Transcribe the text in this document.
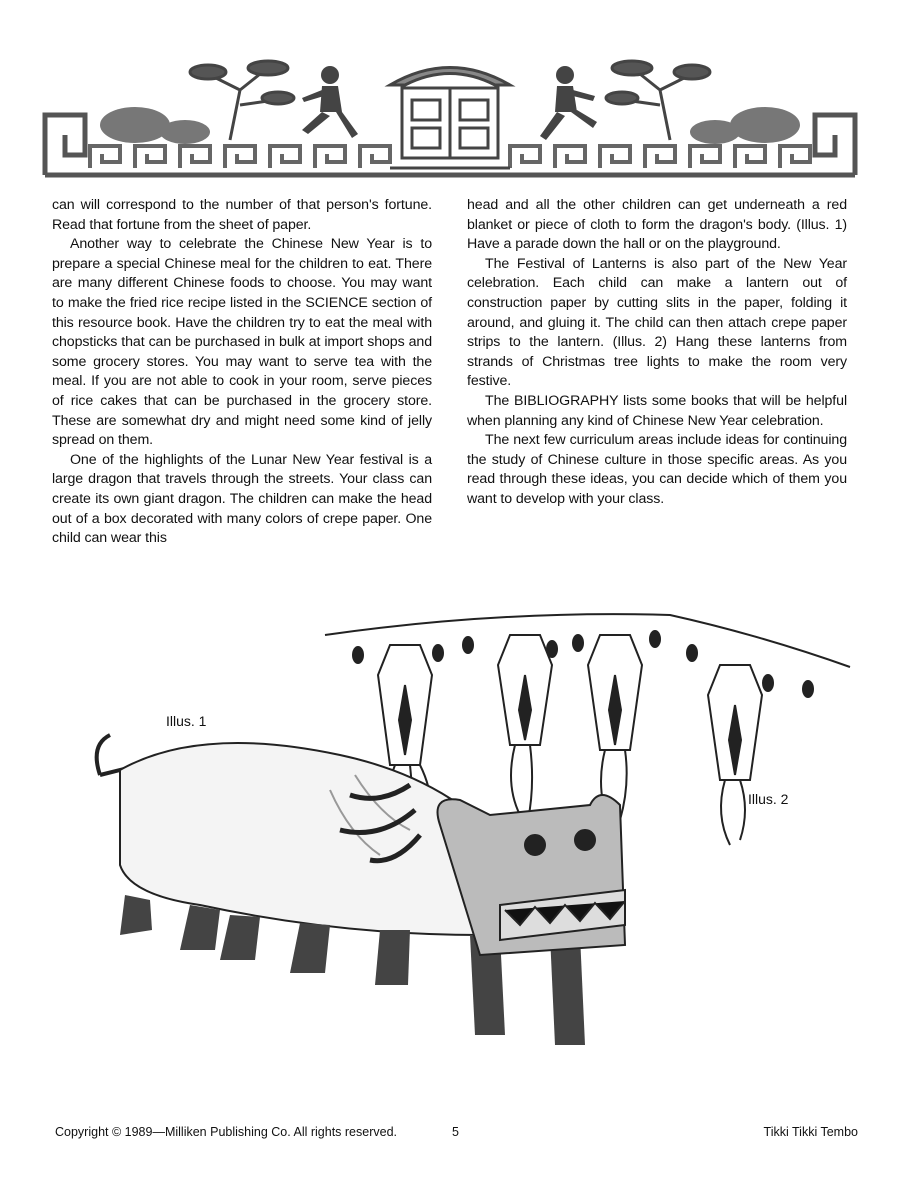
can will correspond to the number of that person's fortune. Read that fortune from the sheet of paper.

Another way to celebrate the Chinese New Year is to prepare a special Chinese meal for the children to eat. There are many different Chinese foods to choose. You may want to make the fried rice recipe listed in the SCIENCE section of this resource book. Have the children try to eat the meal with chopsticks that can be purchased in bulk at import shops and some grocery stores. You may want to serve tea with the meal. If you are not able to cook in your room, serve pieces of rice cakes that can be purchased in the grocery store. These are somewhat dry and might need some kind of jelly spread on them.

One of the highlights of the Lunar New Year festival is a large dragon that travels through the streets. Your class can create its own giant dragon. The children can make the head out of a box decorated with many colors of crepe paper. One child can wear this

head and all the other children can get underneath a red blanket or piece of cloth to form the dragon's body. (Illus. 1) Have a parade down the hall or on the playground.

The Festival of Lanterns is also part of the New Year celebration. Each child can make a lantern out of construction paper by cutting slits in the paper, folding it around, and gluing it. The child can then attach crepe paper strips to the lantern. (Illus. 2) Hang these lanterns from strands of Christmas tree lights to make the room very festive.

The BIBLIOGRAPHY lists some books that will be helpful when planning any kind of Chinese New Year celebration.

The next few curriculum areas include ideas for continuing the study of Chinese culture in those specific areas. As you read through these ideas, you can decide which of them you want to develop with your class.

Illus. 1
Illus. 2
Copyright © 1989—Milliken Publishing Co. All rights reserved.	5	Tikki Tikki Tembo
